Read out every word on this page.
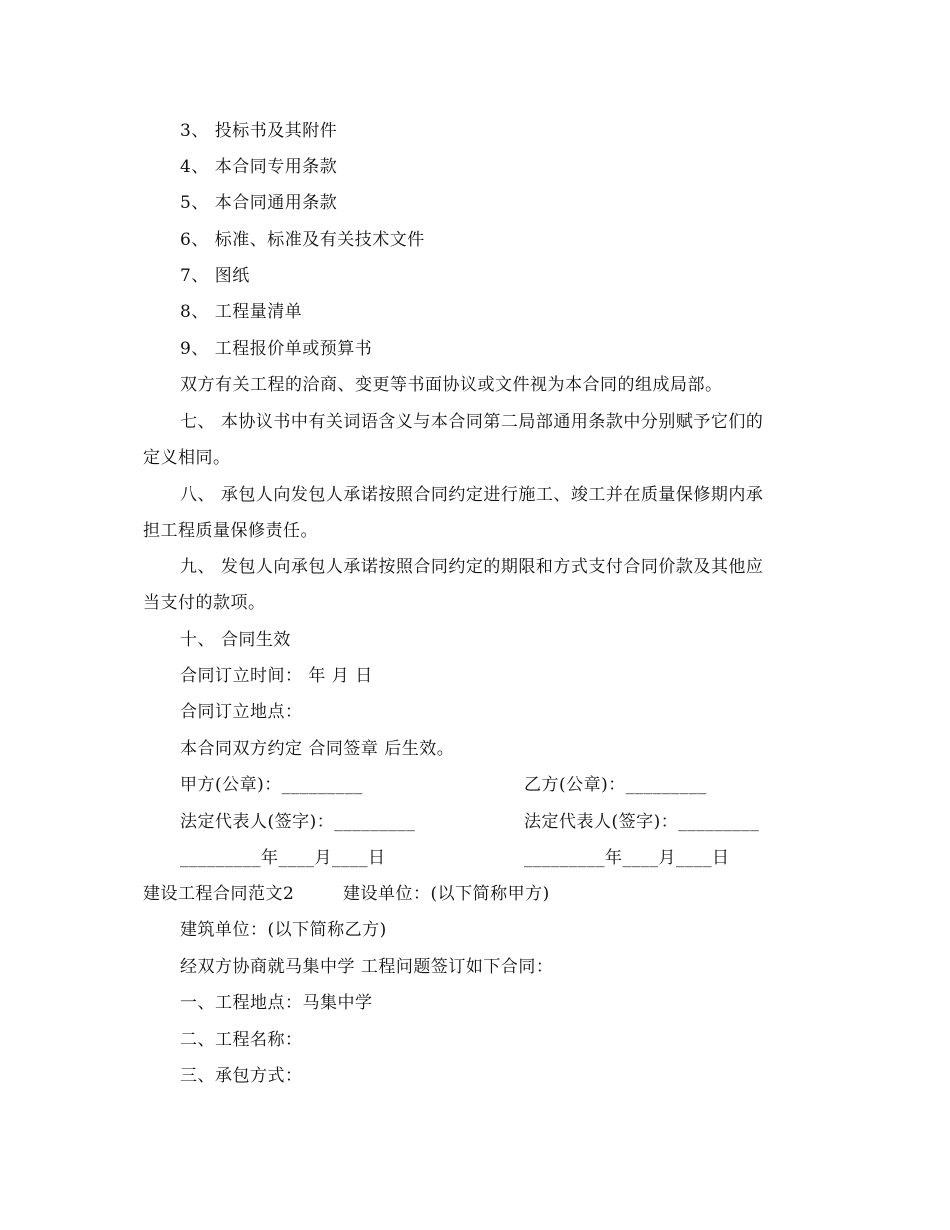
3、 投标书及其附件
4、 本合同专用条款
5、 本合同通用条款
6、 标准、标准及有关技术文件
7、 图纸
8、 工程量清单
9、 工程报价单或预算书
双方有关工程的洽商、变更等书面协议或文件视为本合同的组成局部。
七、 本协议书中有关词语含义与本合同第二局部通用条款中分别赋予它们的
定义相同。
八、 承包人向发包人承诺按照合同约定进行施工、竣工并在质量保修期内承
担工程质量保修责任。
九、 发包人向承包人承诺按照合同约定的期限和方式支付合同价款及其他应
当支付的款项。
十、 合同生效
合同订立时间： 年 月 日
合同订立地点：
本合同双方约定 合同签章 后生效。
甲方(公章)：_________	乙方(公章)：_________
法定代表人(签字)：_________	法定代表人(签字)：_________
_________年____月____日	_________年____月____日
建设工程合同范文2	建设单位：(以下简称甲方)
建筑单位：(以下简称乙方)
经双方协商就马集中学 工程问题签订如下合同：
一、工程地点：马集中学
二、工程名称：
三、承包方式：
